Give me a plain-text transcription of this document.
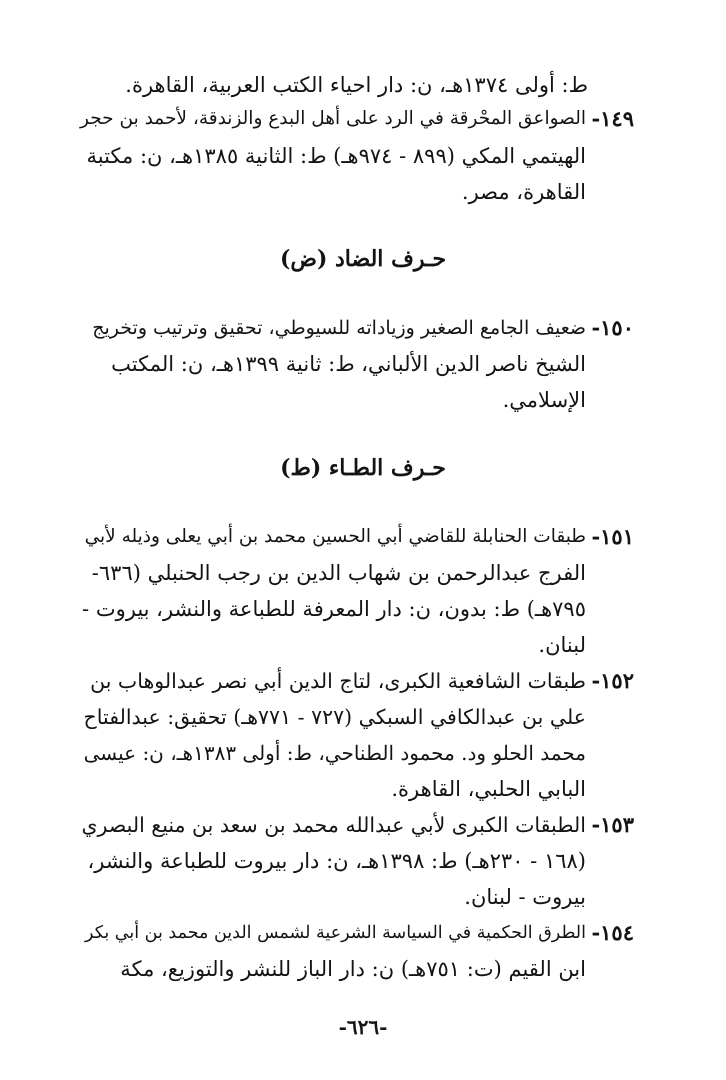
ط: أولى ١٣٧٤هـ، ن: دار احياء الكتب العربية، القاهرة.
١٤٩-
الصواعق المحْرقة في الرد على أهل البدع والزندقة، لأحمد بن حجر
الهيتمي المكي (٨٩٩ - ٩٧٤هـ) ط: الثانية ١٣٨٥هـ، ن: مكتبة
القاهرة، مصر.
حـرف الضاد (ض)
١٥٠-
ضعيف الجامع الصغير وزياداته للسيوطي، تحقيق وترتيب وتخريج
الشيخ ناصر الدين الألباني، ط: ثانية ١٣٩٩هـ، ن: المكتب
الإسلامي.
حـرف الطـاء (ط)
١٥١-
طبقات الحنابلة للقاضي أبي الحسين محمد بن أبي يعلى وذيله لأبي
الفرج عبدالرحمن بن شهاب الدين بن رجب الحنبلي (٦٣٦-
٧٩٥هـ) ط: بدون، ن: دار المعرفة للطباعة والنشر، بيروت -
لبنان.
١٥٢-
طبقات الشافعية الكبرى، لتاج الدين أبي نصر عبدالوهاب بن
علي بن عبدالكافي السبكي (٧٢٧ - ٧٧١هـ) تحقيق: عبدالفتاح
محمد الحلو ود. محمود الطناحي، ط: أولى ١٣٨٣هـ، ن: عيسى
البابي الحلبي، القاهرة.
١٥٣-
الطبقات الكبرى لأبي عبدالله محمد بن سعد بن منيع البصري
(١٦٨ - ٢٣٠هـ) ط: ١٣٩٨هـ، ن: دار بيروت للطباعة والنشر،
بيروت - لبنان.
١٥٤-
الطرق الحكمية في السياسة الشرعية لشمس الدين محمد بن أبي بكر
ابن القيم (ت: ٧٥١هـ) ن: دار الباز للنشر والتوزيع، مكة
-٦٢٦-
